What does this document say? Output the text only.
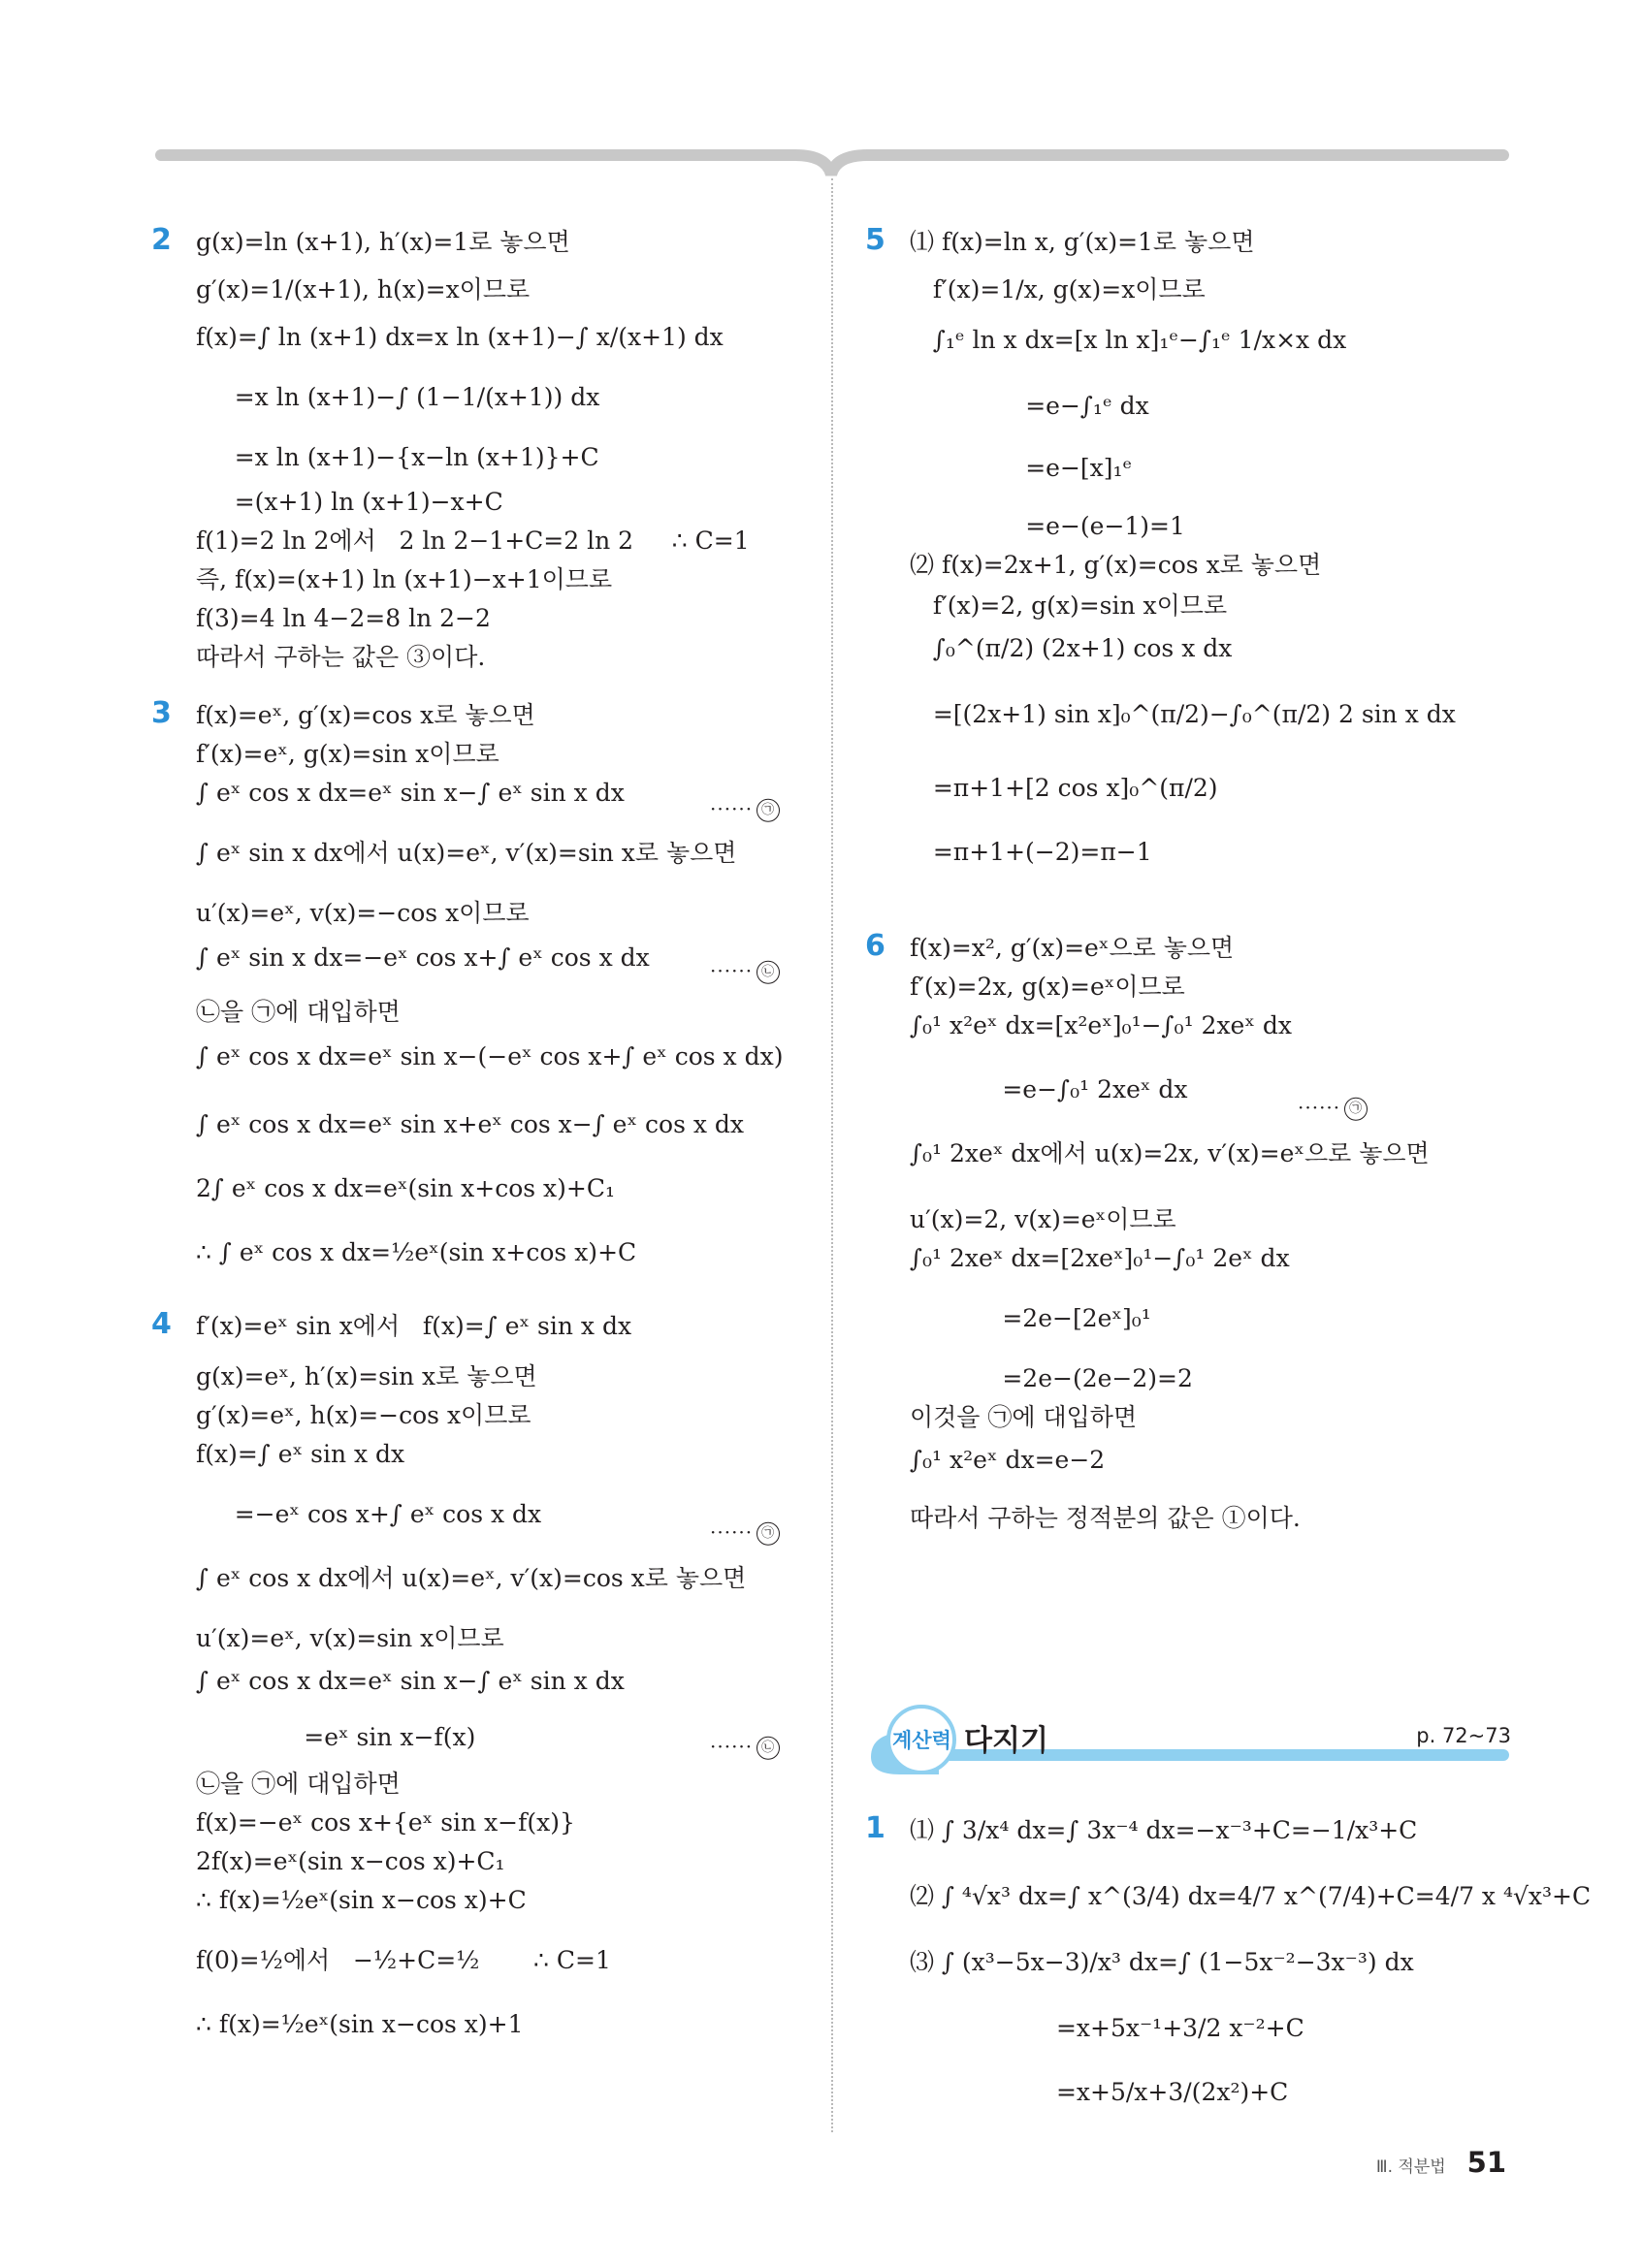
2 g(x)=ln (x+1), h′(x)=1로 놓으면
g′(x)=1/(x+1), h(x)=x이므로
f(x)=∫ ln (x+1) dx=x ln (x+1)−∫ x/(x+1) dx
=x ln (x+1)−∫ (1−1/(x+1)) dx
=x ln (x+1)−{x−ln (x+1)}+C
=(x+1) ln (x+1)−x+C
f(1)=2 ln 2에서   2 ln 2−1+C=2 ln 2     ∴ C=1
즉, f(x)=(x+1) ln (x+1)−x+1이므로
f(3)=4 ln 4−2=8 ln 2−2
따라서 구하는 값은 ③이다.
3 f(x)=eˣ, g′(x)=cos x로 놓으면
f′(x)=eˣ, g(x)=sin x이므로
∫ eˣ cos x dx=eˣ sin x−∫ eˣ sin x dx
······ ㉠
∫ eˣ sin x dx에서 u(x)=eˣ, v′(x)=sin x로 놓으면
u′(x)=eˣ, v(x)=−cos x이므로
∫ eˣ sin x dx=−eˣ cos x+∫ eˣ cos x dx	······ ㉡
㉡을 ㉠에 대입하면
∫ eˣ cos x dx=eˣ sin x−(−eˣ cos x+∫ eˣ cos x dx)
∫ eˣ cos x dx=eˣ sin x+eˣ cos x−∫ eˣ cos x dx
2∫ eˣ cos x dx=eˣ(sin x+cos x)+C₁
∴ ∫ eˣ cos x dx=½eˣ(sin x+cos x)+C
4 f′(x)=eˣ sin x에서   f(x)=∫ eˣ sin x dx
g(x)=eˣ, h′(x)=sin x로 놓으면
g′(x)=eˣ, h(x)=−cos x이므로
f(x)=∫ eˣ sin x dx
=−eˣ cos x+∫ eˣ cos x dx
······ ㉠
∫ eˣ cos x dx에서 u(x)=eˣ, v′(x)=cos x로 놓으면
u′(x)=eˣ, v(x)=sin x이므로
∫ eˣ cos x dx=eˣ sin x−∫ eˣ sin x dx
=eˣ sin x−f(x)	······ ㉡
㉡을 ㉠에 대입하면
f(x)=−eˣ cos x+{eˣ sin x−f(x)}
2f(x)=eˣ(sin x−cos x)+C₁
∴ f(x)=½eˣ(sin x−cos x)+C
f(0)=½에서   −½+C=½       ∴ C=1
∴ f(x)=½eˣ(sin x−cos x)+1
5 ⑴ f(x)=ln x, g′(x)=1로 놓으면
f′(x)=1/x, g(x)=x이므로
∫₁ᵉ ln x dx=[x ln x]₁ᵉ−∫₁ᵉ 1/x×x dx
=e−∫₁ᵉ dx
=e−[x]₁ᵉ
=e−(e−1)=1
⑵ f(x)=2x+1, g′(x)=cos x로 놓으면
f′(x)=2, g(x)=sin x이므로
∫₀^(π/2) (2x+1) cos x dx
=[(2x+1) sin x]₀^(π/2)−∫₀^(π/2) 2 sin x dx
=π+1+[2 cos x]₀^(π/2)
=π+1+(−2)=π−1
6 f(x)=x², g′(x)=eˣ으로 놓으면
f′(x)=2x, g(x)=eˣ이므로
∫₀¹ x²eˣ dx=[x²eˣ]₀¹−∫₀¹ 2xeˣ dx
=e−∫₀¹ 2xeˣ dx
······ ㉠
∫₀¹ 2xeˣ dx에서 u(x)=2x, v′(x)=eˣ으로 놓으면
u′(x)=2, v(x)=eˣ이므로
∫₀¹ 2xeˣ dx=[2xeˣ]₀¹−∫₀¹ 2eˣ dx
=2e−[2eˣ]₀¹
=2e−(2e−2)=2
이것을 ㉠에 대입하면
∫₀¹ x²eˣ dx=e−2
따라서 구하는 정적분의 값은 ①이다.
계산력 다지기	p. 72~73
1 ⑴ ∫ 3/x⁴ dx=∫ 3x⁻⁴ dx=−x⁻³+C=−1/x³+C
⑵ ∫ ⁴√x³ dx=∫ x^(3/4) dx=4/7 x^(7/4)+C=4/7 x ⁴√x³+C
⑶ ∫ (x³−5x−3)/x³ dx=∫ (1−5x⁻²−3x⁻³) dx
=x+5x⁻¹+3/2 x⁻²+C
=x+5/x+3/(2x²)+C
Ⅲ. 적분법 51
